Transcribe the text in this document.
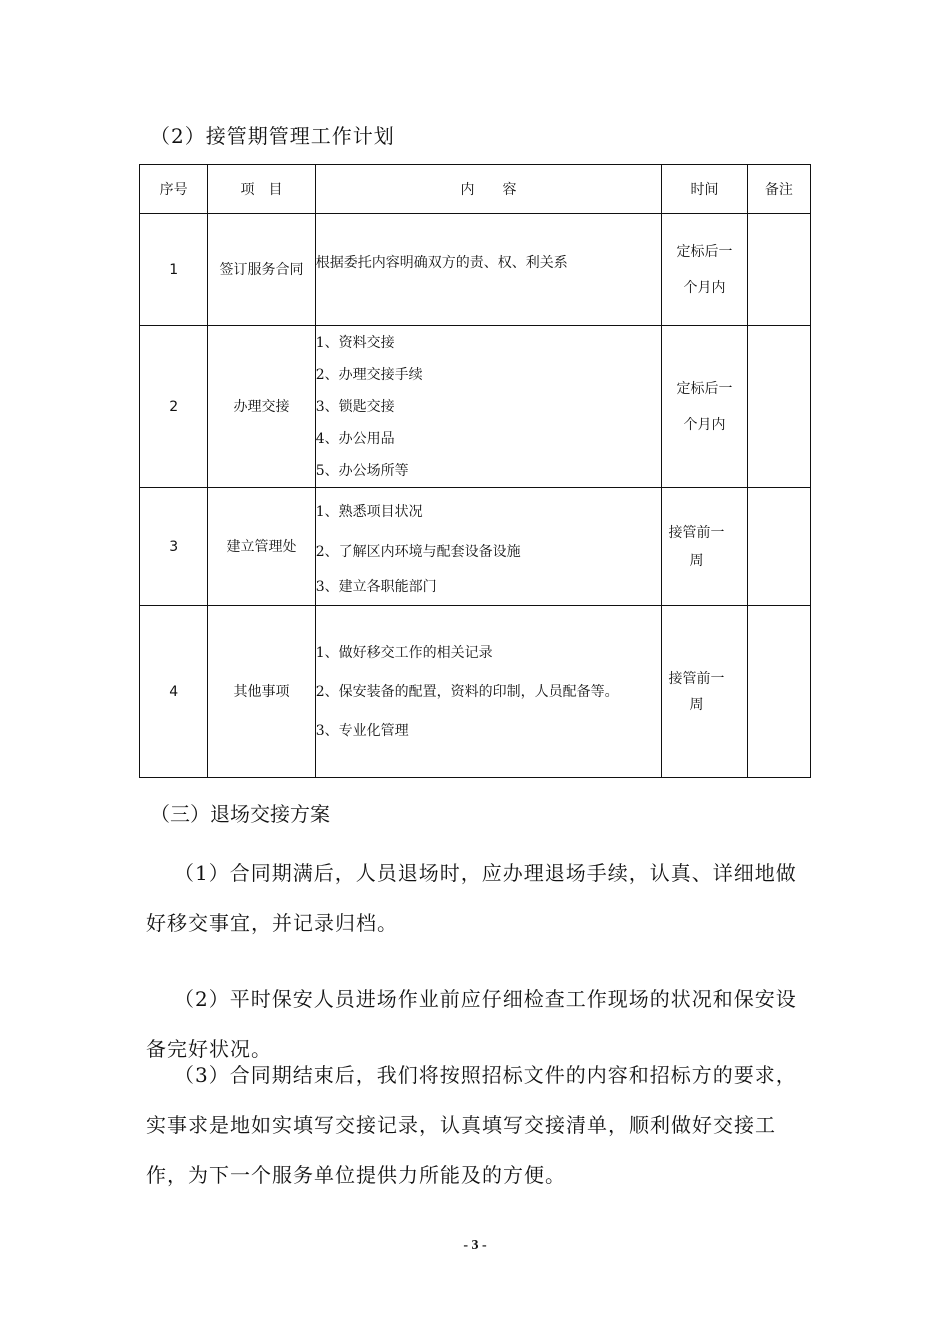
（2）接管期管理工作计划
序号	项　目	内　　容	时间	备注
1	签订服务合同	根据委托内容明确双方的责、权、利关系	定标后一个月内	
2	办理交接	1、资料交接
2、办理交接手续
3、锁匙交接
4、办公用品
5、办公场所等	定标后一个月内	
3	建立管理处	1、熟悉项目状况
2、了解区内环境与配套设备设施
3、建立各职能部门	接管前一周	
4	其他事项	1、做好移交工作的相关记录
2、保安装备的配置，资料的印制，人员配备等。
3、专业化管理	接管前一周	
（三）退场交接方案

（1）合同期满后，人员退场时，应办理退场手续，认真、详细地做好移交事宜，并记录归档。

（2）平时保安人员进场作业前应仔细检查工作现场的状况和保安设备完好状况。

（3）合同期结束后，我们将按照招标文件的内容和招标方的要求，实事求是地如实填写交接记录，认真填写交接清单，顺利做好交接工作，为下一个服务单位提供力所能及的方便。

- 3 -
